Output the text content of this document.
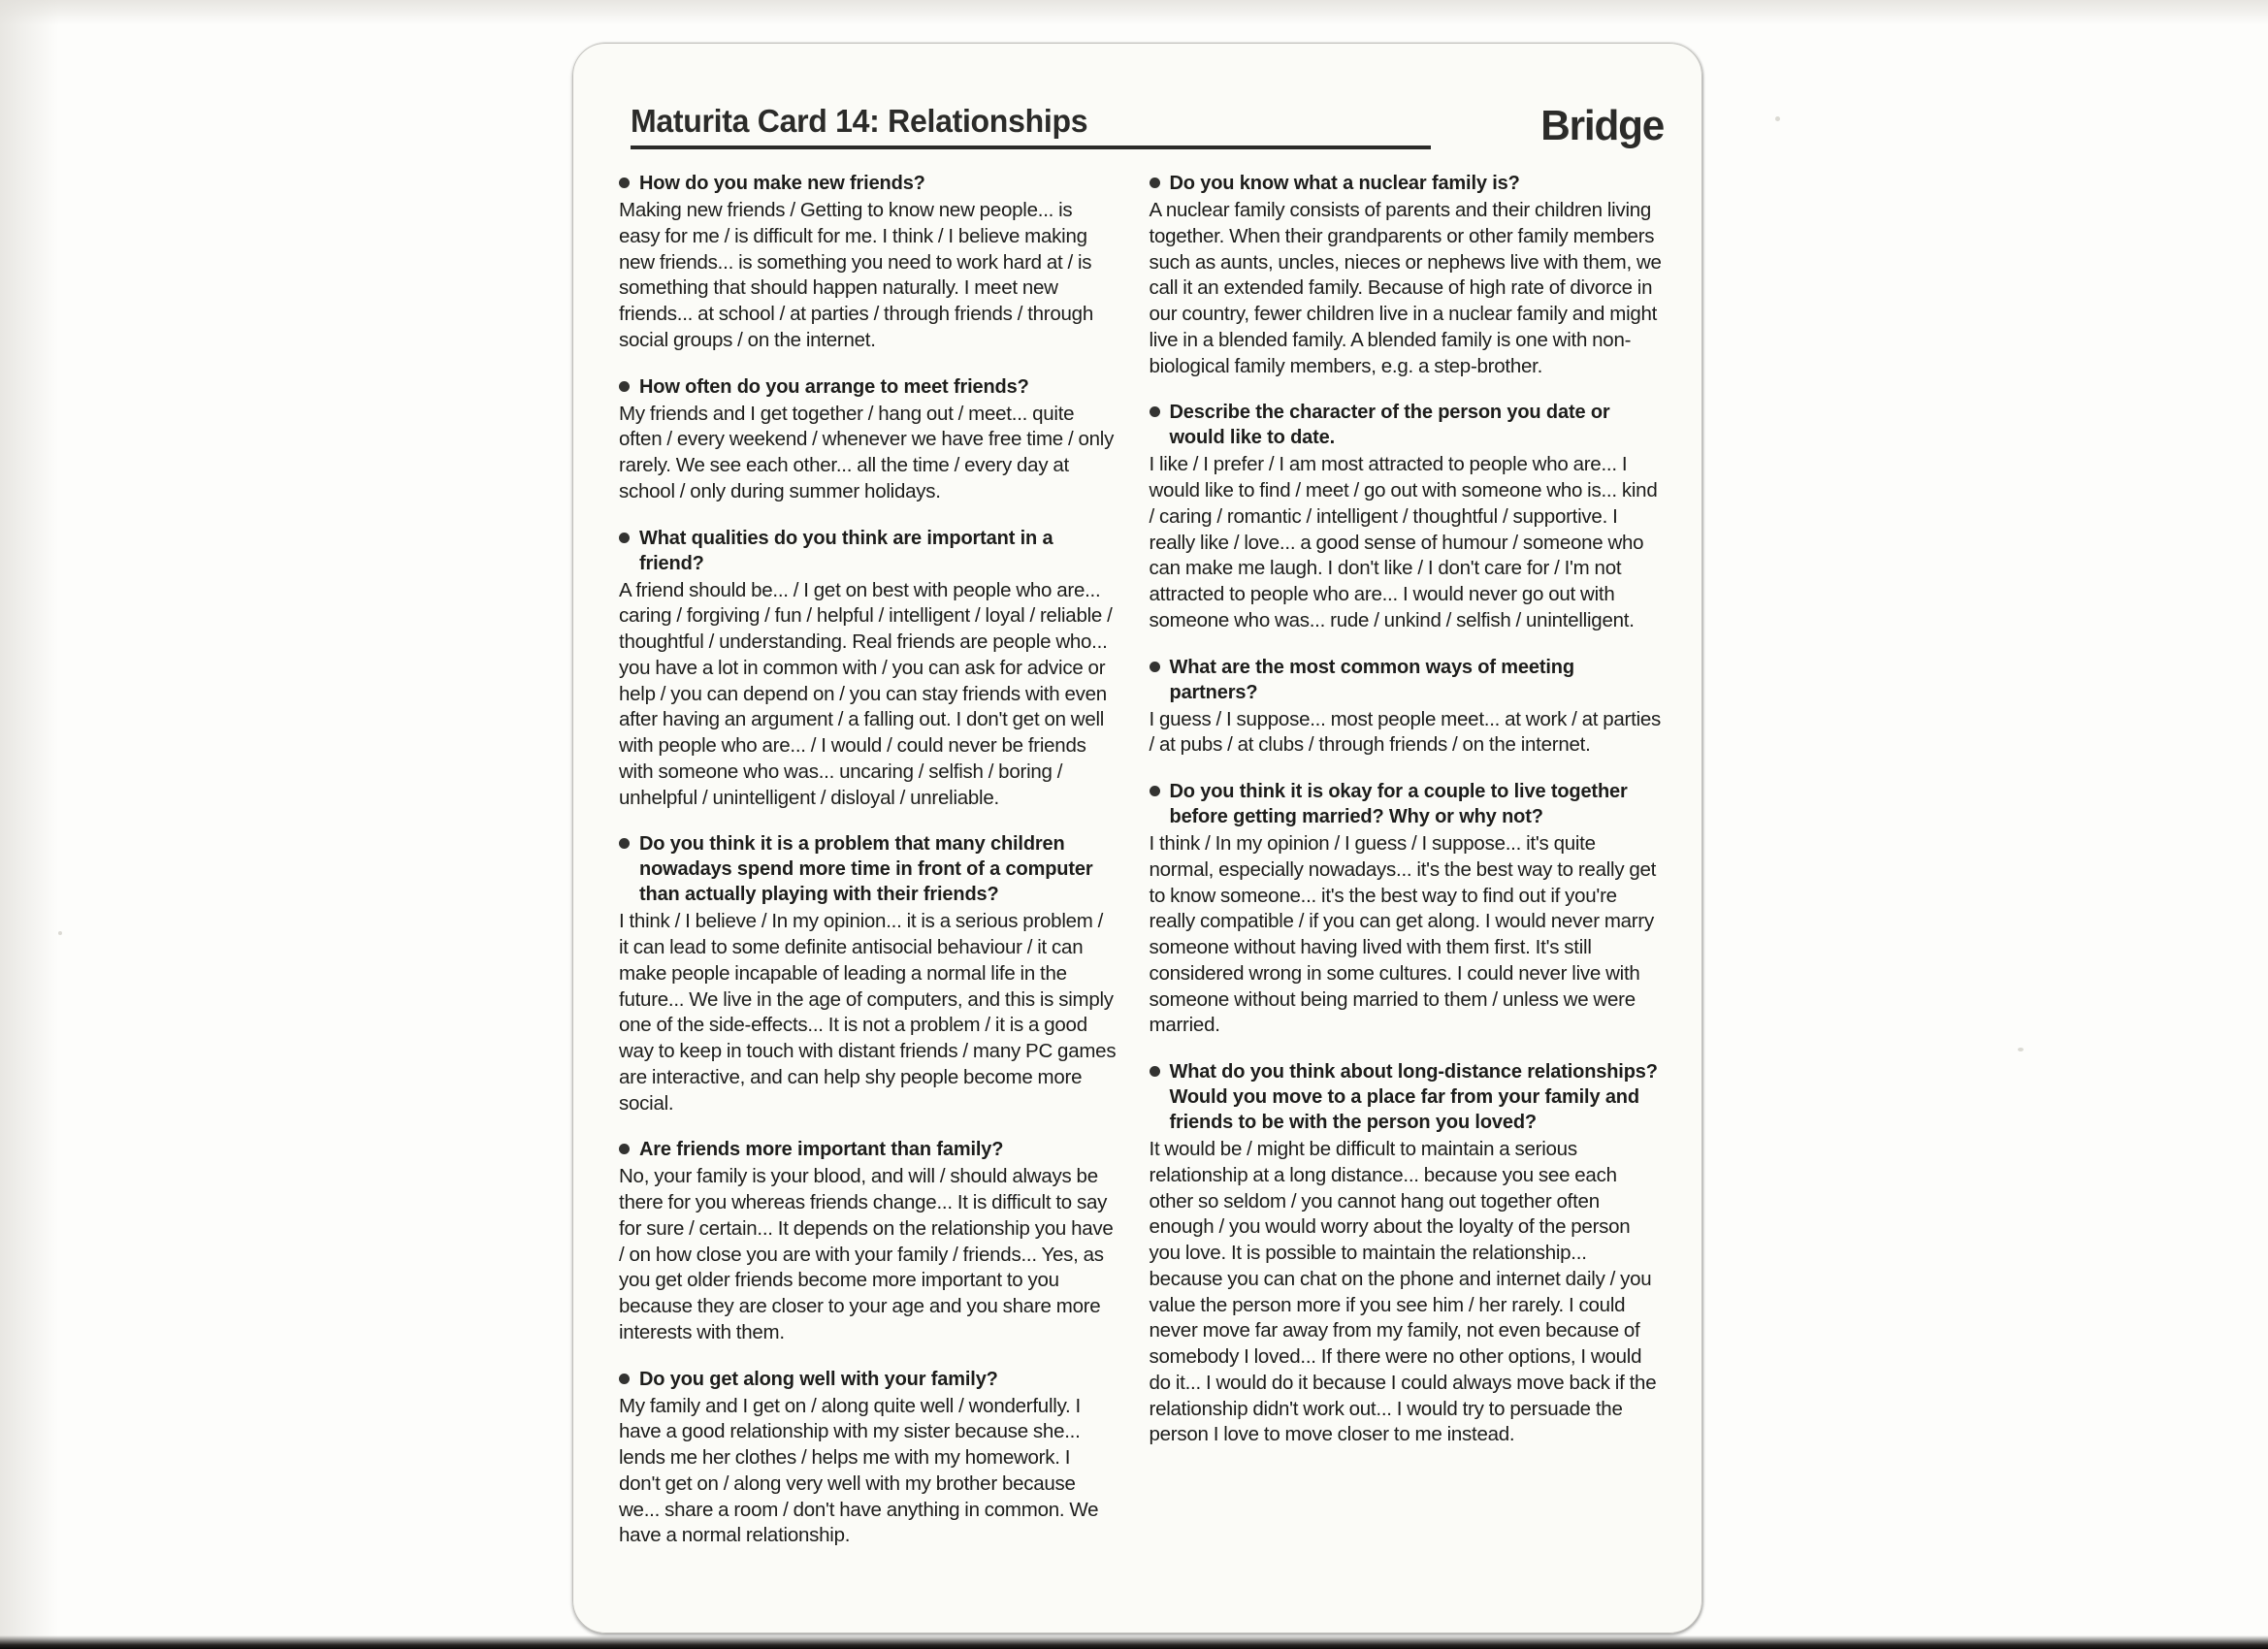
Maturita Card 14: Relationships	Bridge
How do you make new friends?
Making new friends / Getting to know new people... is easy for me / is difficult for me. I think / I believe making new friends... is something you need to work hard at / is something that should happen naturally. I meet new friends... at school / at parties / through friends / through social groups / on the internet.
How often do you arrange to meet friends?
My friends and I get together / hang out / meet... quite often / every weekend / whenever we have free time / only rarely. We see each other... all the time / every day at school / only during summer holidays.
What qualities do you think are important in a friend?
A friend should be... / I get on best with people who are... caring / forgiving / fun / helpful / intelligent / loyal / reliable / thoughtful / understanding. Real friends are people who... you have a lot in common with / you can ask for advice or help / you can depend on / you can stay friends with even after having an argument / a falling out. I don't get on well with people who are... / I would / could never be friends with someone who was... uncaring / selfish / boring / unhelpful / unintelligent / disloyal / unreliable.
Do you think it is a problem that many children nowadays spend more time in front of a computer than actually playing with their friends?
I think / I believe / In my opinion... it is a serious problem / it can lead to some definite antisocial behaviour / it can make people incapable of leading a normal life in the future... We live in the age of computers, and this is simply one of the side-effects... It is not a problem / it is a good way to keep in touch with distant friends / many PC games are interactive, and can help shy people become more social.
Are friends more important than family?
No, your family is your blood, and will / should always be there for you whereas friends change... It is difficult to say for sure / certain... It depends on the relationship you have / on how close you are with your family / friends... Yes, as you get older friends become more important to you because they are closer to your age and you share more interests with them.
Do you get along well with your family?
My family and I get on / along quite well / wonderfully. I have a good relationship with my sister because she... lends me her clothes / helps me with my homework. I don't get on / along very well with my brother because we... share a room / don't have anything in common. We have a normal relationship.
Do you know what a nuclear family is?
A nuclear family consists of parents and their children living together. When their grandparents or other family members such as aunts, uncles, nieces or nephews live with them, we call it an extended family. Because of high rate of divorce in our country, fewer children live in a nuclear family and might live in a blended family. A blended family is one with non-biological family members, e.g. a step-brother.
Describe the character of the person you date or would like to date.
I like / I prefer / I am most attracted to people who are... I would like to find / meet / go out with someone who is... kind / caring / romantic / intelligent / thoughtful / supportive. I really like / love... a good sense of humour / someone who can make me laugh. I don't like / I don't care for / I'm not attracted to people who are... I would never go out with someone who was... rude / unkind / selfish / unintelligent.
What are the most common ways of meeting partners?
I guess / I suppose... most people meet... at work / at parties / at pubs / at clubs / through friends / on the internet.
Do you think it is okay for a couple to live together before getting married? Why or why not?
I think / In my opinion / I guess / I suppose... it's quite normal, especially nowadays... it's the best way to really get to know someone... it's the best way to find out if you're really compatible / if you can get along. I would never marry someone without having lived with them first. It's still considered wrong in some cultures. I could never live with someone without being married to them / unless we were married.
What do you think about long-distance relationships? Would you move to a place far from your family and friends to be with the person you loved?
It would be / might be difficult to maintain a serious relationship at a long distance... because you see each other so seldom / you cannot hang out together often enough / you would worry about the loyalty of the person you love. It is possible to maintain the relationship... because you can chat on the phone and internet daily / you value the person more if you see him / her rarely. I could never move far away from my family, not even because of somebody I loved... If there were no other options, I would do it... I would do it because I could always move back if the relationship didn't work out... I would try to persuade the person I love to move closer to me instead.
